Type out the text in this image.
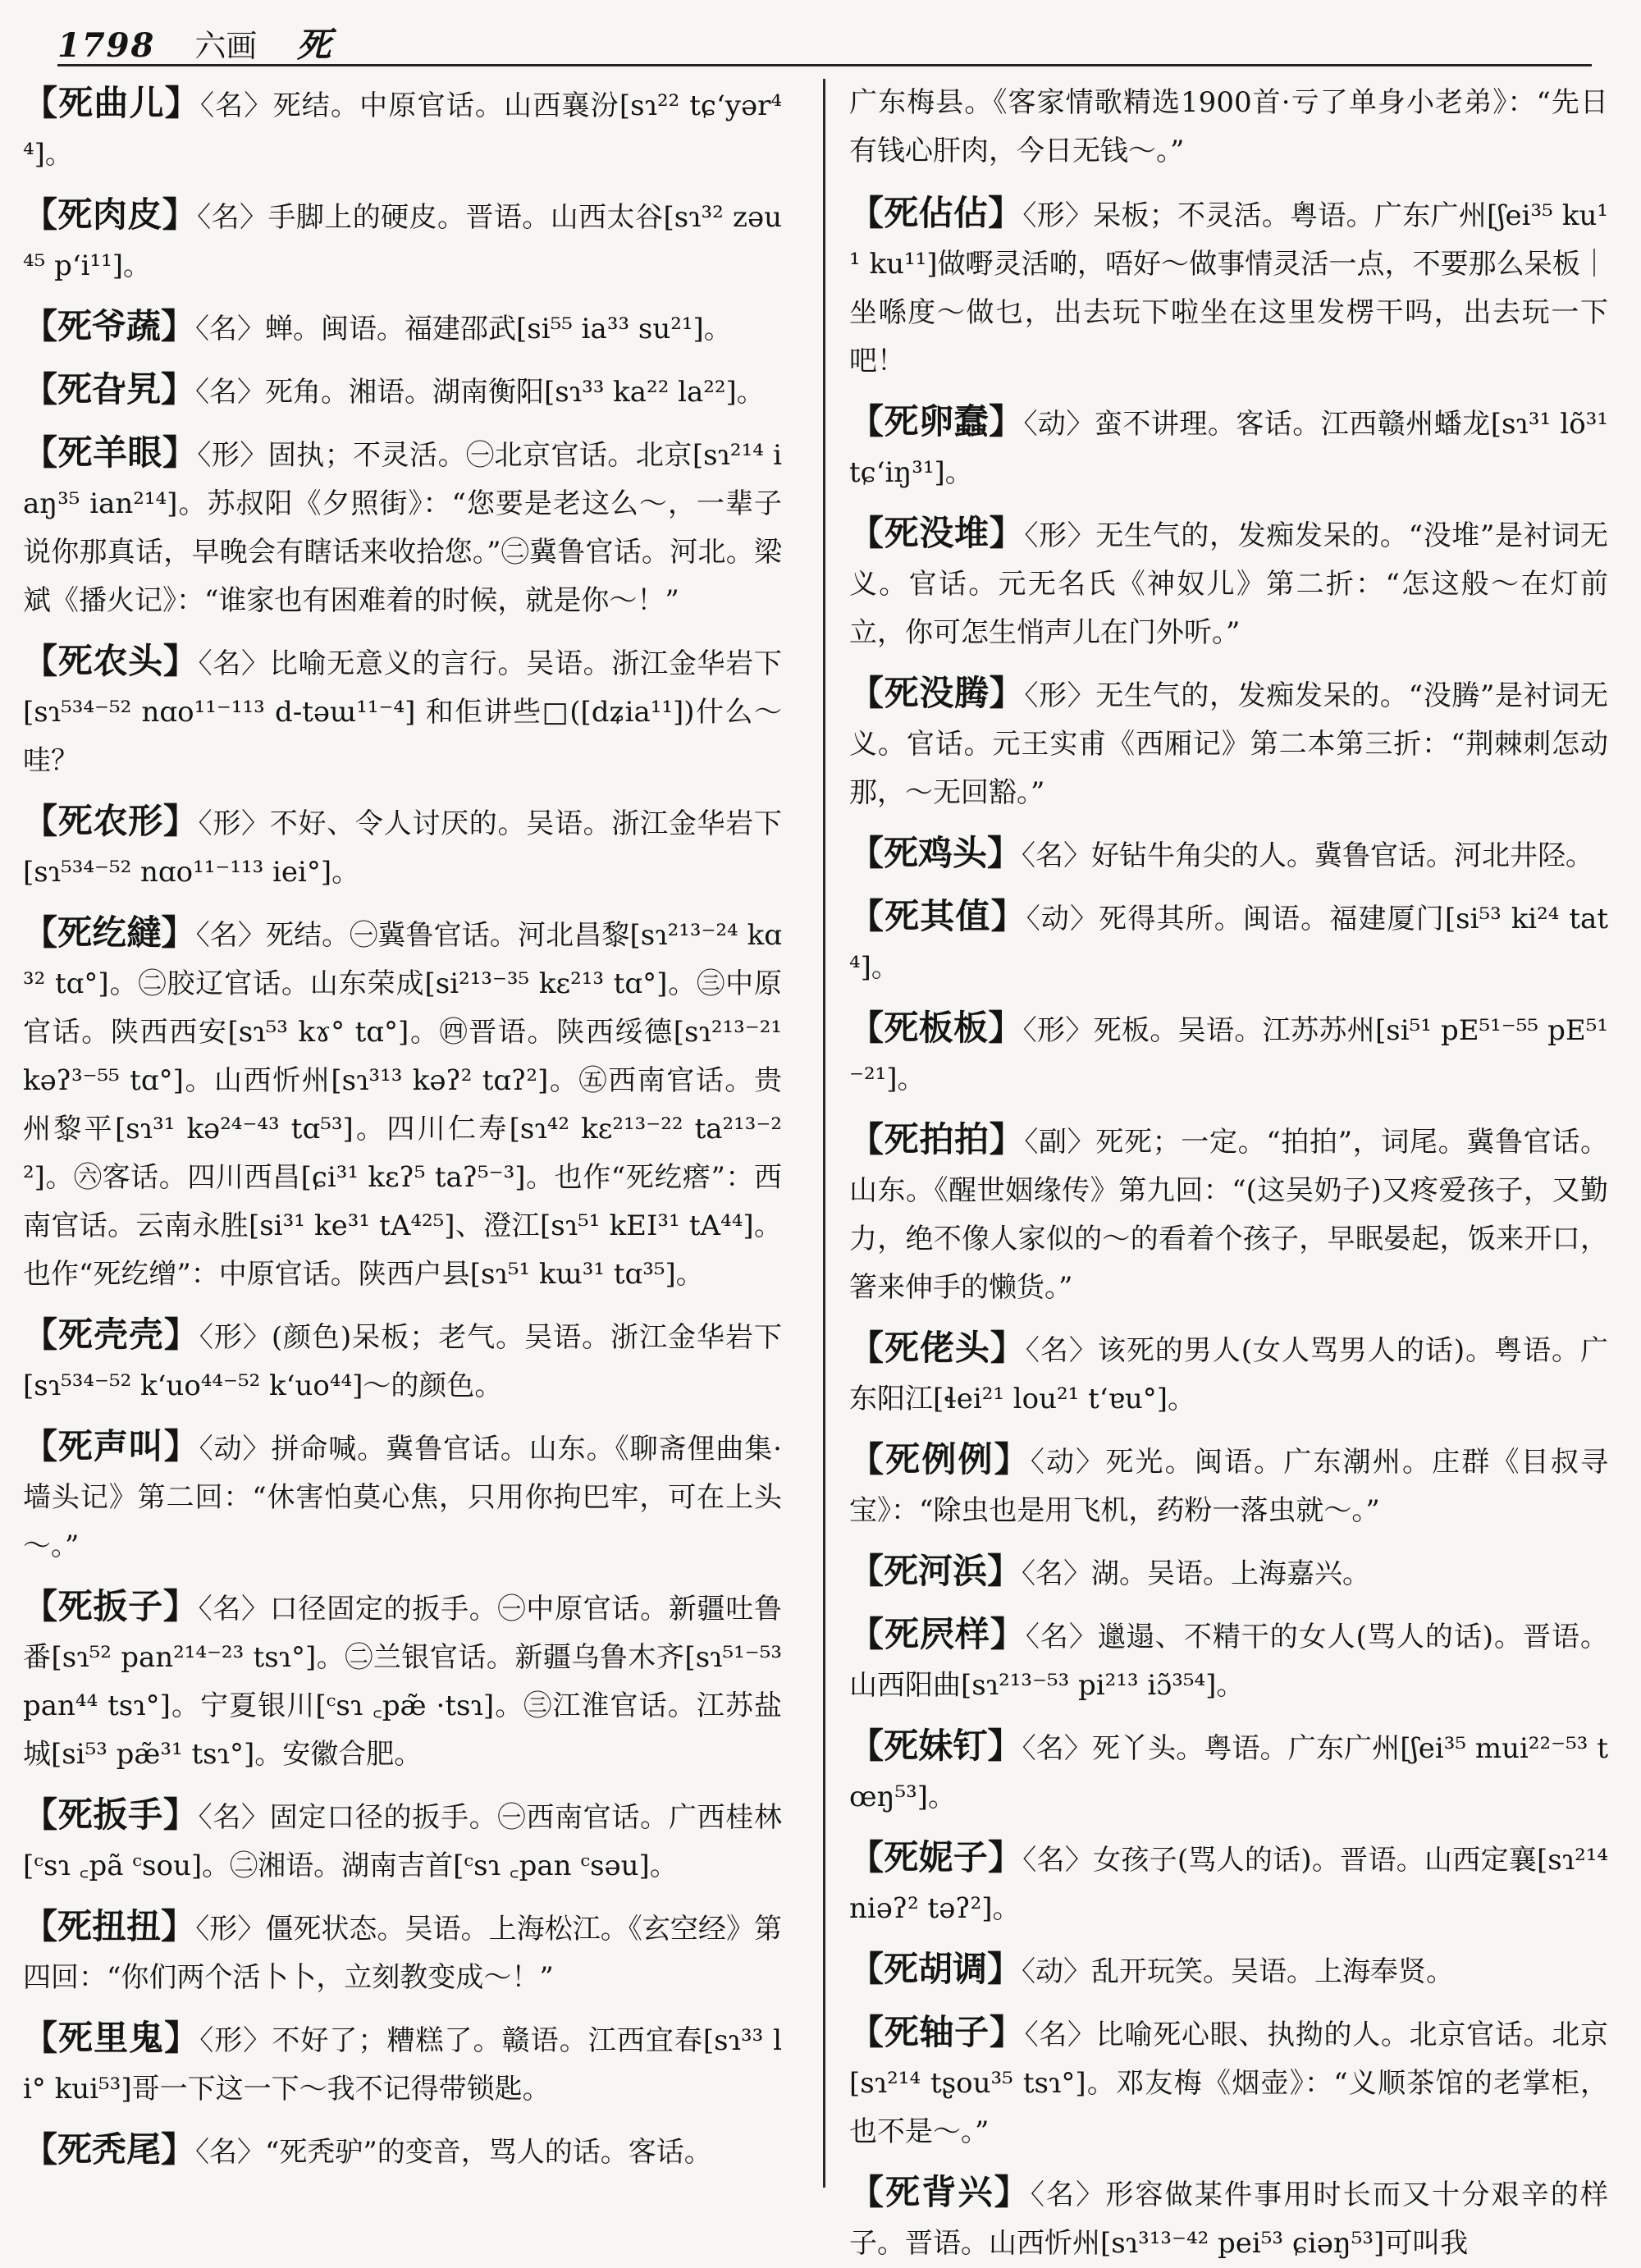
1798 六画 死
【死曲儿】〈名〉死结。中原官话。山西襄汾[sɿ²² tɕʻyər⁴⁴]。
【死肉皮】〈名〉手脚上的硬皮。晋语。山西太谷[sɿ³² zəu⁴⁵ pʻi¹¹]。
【死爷蔬】〈名〉蝉。闽语。福建邵武[si⁵⁵ ia³³ su²¹]。
【死旮旯】〈名〉死角。湘语。湖南衡阳[sɿ³³ ka²² la²²]。
【死羊眼】〈形〉固执；不灵活。㊀北京官话。北京[sɿ²¹⁴ iaŋ³⁵ ian²¹⁴]。苏叔阳《夕照街》：“您要是老这么～，一辈子说你那真话，早晚会有瞎话来收拾您。”㊁冀鲁官话。河北。梁斌《播火记》：“谁家也有困难着的时候，就是你～！”
【死农头】〈名〉比喻无意义的言行。吴语。浙江金华岩下[sɿ⁵³⁴⁻⁵² nɑo¹¹⁻¹¹³ d-təɯ¹¹⁻⁴] 和佢讲些□([dʑia¹¹])什么～哇？
【死农形】〈形〉不好、令人讨厌的。吴语。浙江金华岩下[sɿ⁵³⁴⁻⁵² nɑo¹¹⁻¹¹³ iei°]。
【死纥繨】〈名〉死结。㊀冀鲁官话。河北昌黎[sɿ²¹³⁻²⁴ kɑ³² tɑ°]。㊁胶辽官话。山东荣成[si²¹³⁻³⁵ kɛ²¹³ tɑ°]。㊂中原官话。陕西西安[sɿ⁵³ kɤ° tɑ°]。㊃晋语。陕西绥德[sɿ²¹³⁻²¹ kəʔ³⁻⁵⁵ tɑ°]。山西忻州[sɿ³¹³ kəʔ² tɑʔ²]。㊄西南官话。贵州黎平[sɿ³¹ kə²⁴⁻⁴³ tɑ⁵³]。四川仁寿[sɿ⁴² kɛ²¹³⁻²² ta²¹³⁻²²]。㊅客话。四川西昌[ɕi³¹ kɛʔ⁵ taʔ⁵⁻³]。也作“死纥瘩”：西南官话。云南永胜[si³¹ ke³¹ tA⁴²⁵]、澄江[sɿ⁵¹ kEI³¹ tA⁴⁴]。也作“死纥缯”：中原官话。陕西户县[sɿ⁵¹ kɯ³¹ tɑ³⁵]。
【死壳壳】〈形〉(颜色)呆板；老气。吴语。浙江金华岩下[sɿ⁵³⁴⁻⁵² kʻuo⁴⁴⁻⁵² kʻuo⁴⁴]～的颜色。
【死声叫】〈动〉拼命喊。冀鲁官话。山东。《聊斋俚曲集·墙头记》第二回：“休害怕莫心焦，只用你拘巴牢，可在上头～。”
【死扳子】〈名〉口径固定的扳手。㊀中原官话。新疆吐鲁番[sɿ⁵² pan²¹⁴⁻²³ tsɿ°]。㊁兰银官话。新疆乌鲁木齐[sɿ⁵¹⁻⁵³ pan⁴⁴ tsɿ°]。宁夏银川[ᶜsɿ ꜀pæ̃ ·tsɿ]。㊂江淮官话。江苏盐城[si⁵³ pæ̃³¹ tsɿ°]。安徽合肥。
【死扳手】〈名〉固定口径的扳手。㊀西南官话。广西桂林[ᶜsɿ ꜀pã ᶜsou]。㊁湘语。湖南吉首[ᶜsɿ ꜀pan ᶜsəu]。
【死扭扭】〈形〉僵死状态。吴语。上海松江。《玄空经》第四回：“你们两个活卜卜，立刻教变成～！”
【死里鬼】〈形〉不好了；糟糕了。赣语。江西宜春[sɿ³³ li° kui⁵³]哥一下这一下～我不记得带锁匙。
【死秃尾】〈名〉“死秃驴”的变音，骂人的话。客话。
广东梅县。《客家情歌精选1900首·亏了单身小老弟》：“先日有钱心肝肉，今日无钱～。”
【死佔佔】〈形〉呆板；不灵活。粤语。广东广州[ʃei³⁵ ku¹¹ ku¹¹]做嘢灵活啲，唔好～做事情灵活一点，不要那么呆板｜坐喺度～做乜，出去玩下啦坐在这里发楞干吗，出去玩一下吧！
【死卵蠢】〈动〉蛮不讲理。客话。江西赣州蟠龙[sɿ³¹ lõ³¹ tɕʻiŋ³¹]。
【死没堆】〈形〉无生气的，发痴发呆的。“没堆”是衬词无义。官话。元无名氏《神奴儿》第二折：“怎这般～在灯前立，你可怎生悄声儿在门外听。”
【死没腾】〈形〉无生气的，发痴发呆的。“没腾”是衬词无义。官话。元王实甫《西厢记》第二本第三折：“荆棘刺怎动那，～无回豁。”
【死鸡头】〈名〉好钻牛角尖的人。冀鲁官话。河北井陉。
【死其值】〈动〉死得其所。闽语。福建厦门[si⁵³ ki²⁴ tat⁴]。
【死板板】〈形〉死板。吴语。江苏苏州[si⁵¹ pE⁵¹⁻⁵⁵ pE⁵¹⁻²¹]。
【死拍拍】〈副〉死死；一定。“拍拍”，词尾。冀鲁官话。山东。《醒世姻缘传》第九回：“(这吴奶子)又疼爱孩子，又勤力，绝不像人家似的～的看着个孩子，早眠晏起，饭来开口，箸来伸手的懒货。”
【死佬头】〈名〉该死的男人(女人骂男人的话)。粤语。广东阳江[ɬei²¹ lou²¹ tʻɐu°]。
【死例例】〈动〉死光。闽语。广东潮州。庄群《目叔寻宝》：“除虫也是用飞机，药粉一落虫就～。”
【死河浜】〈名〉湖。吴语。上海嘉兴。
【死屄样】〈名〉邋遢、不精干的女人(骂人的话)。晋语。山西阳曲[sɿ²¹³⁻⁵³ pi²¹³ iɔ̃³⁵⁴]。
【死妹钉】〈名〉死丫头。粤语。广东广州[ʃei³⁵ mui²²⁻⁵³ tœŋ⁵³]。
【死妮子】〈名〉女孩子(骂人的话)。晋语。山西定襄[sɿ²¹⁴ niəʔ² təʔ²]。
【死胡调】〈动〉乱开玩笑。吴语。上海奉贤。
【死轴子】〈名〉比喻死心眼、执拗的人。北京官话。北京[sɿ²¹⁴ tʂou³⁵ tsɿ°]。邓友梅《烟壶》：“义顺茶馆的老掌柜，也不是～。”
【死背兴】〈名〉形容做某件事用时长而又十分艰辛的样子。晋语。山西忻州[sɿ³¹³⁻⁴² pei⁵³ ɕiəŋ⁵³]可叫我
